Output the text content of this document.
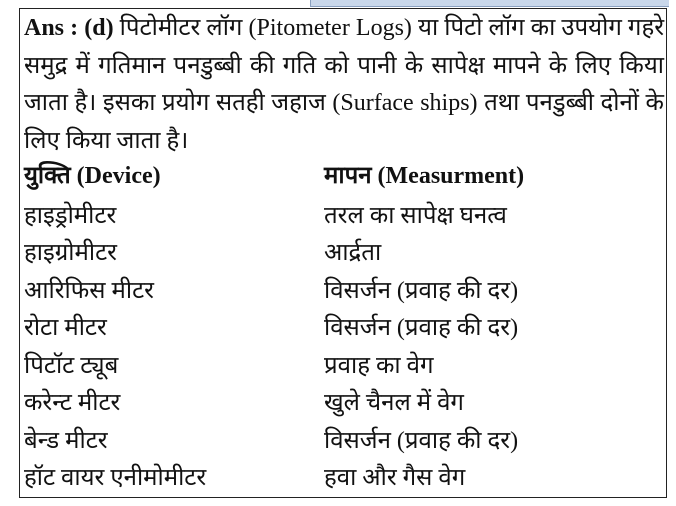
Ans : (d) पिटोमीटर लॉग (Pitometer Logs) या पिटो लॉग का उपयोग गहरे समुद्र में गतिमान पनडुब्बी की गति को पानी के सापेक्ष मापने के लिए किया जाता है। इसका प्रयोग सतही जहाज (Surface ships) तथा पनडुब्बी दोनों के लिए किया जाता है।
युक्ति (Device)	मापन (Measurment)
हाइड्रोमीटर	तरल का सापेक्ष घनत्व
हाइग्रोमीटर	आर्द्रता
आरिफिस मीटर	विसर्जन (प्रवाह की दर)
रोटा मीटर	विसर्जन (प्रवाह की दर)
पिटॉट ट्यूब	प्रवाह का वेग
करेन्ट मीटर	खुले चैनल में वेग
बेन्ड मीटर	विसर्जन (प्रवाह की दर)
हॉट वायर एनीमोमीटर	हवा और गैस वेग
